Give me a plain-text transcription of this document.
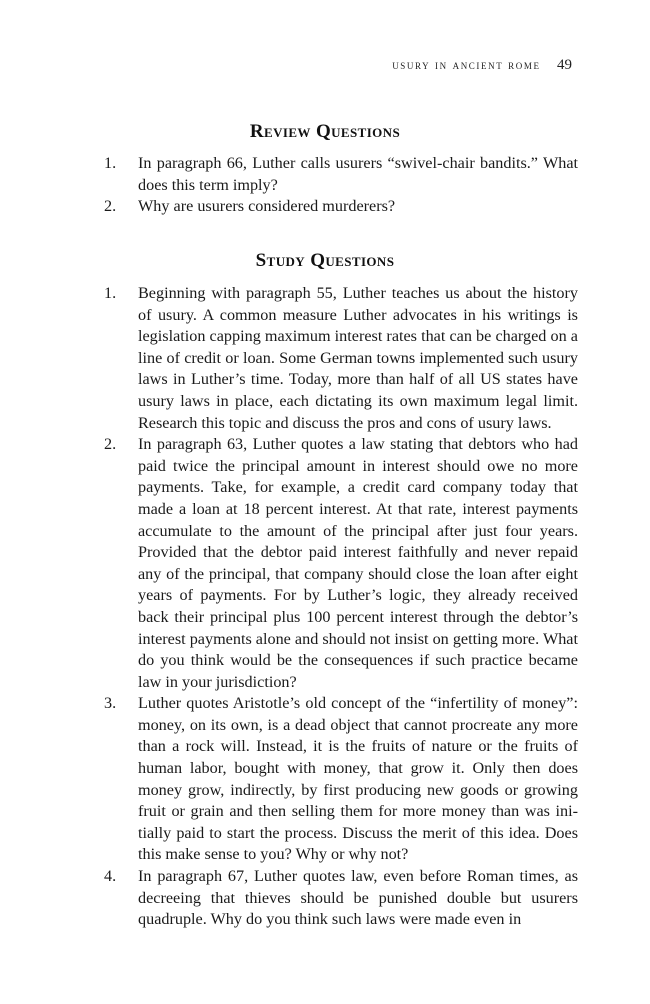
usury in ancient rome 49
Review Questions
1.	In paragraph 66, Luther calls usurers “swivel-chair bandits.” What does this term imply?
2.	Why are usurers considered murderers?
Study Questions
1.	Beginning with paragraph 55, Luther teaches us about the history of usury. A common measure Luther advocates in his writings is legislation capping maximum interest rates that can be charged on a line of credit or loan. Some German towns implemented such usury laws in Luther’s time. Today, more than half of all US states have usury laws in place, each dictating its own maximum legal limit. Research this topic and discuss the pros and cons of usury laws.
2.	In paragraph 63, Luther quotes a law stating that debtors who had paid twice the principal amount in interest should owe no more payments. Take, for example, a credit card company today that made a loan at 18 percent interest. At that rate, interest payments accumulate to the amount of the principal after just four years. Provided that the debtor paid interest faithfully and never repaid any of the principal, that company should close the loan after eight years of payments. For by Luther’s logic, they already received back their principal plus 100 percent interest through the debtor’s interest payments alone and should not insist on getting more. What do you think would be the consequences if such practice became law in your jurisdiction?
3.	Luther quotes Aristotle’s old concept of the “infertility of money”: money, on its own, is a dead object that cannot procreate any more than a rock will. Instead, it is the fruits of nature or the fruits of human labor, bought with money, that grow it. Only then does money grow, indirectly, by first producing new goods or growing fruit or grain and then selling them for more money than was initially paid to start the process. Discuss the merit of this idea. Does this make sense to you? Why or why not?
4.	In paragraph 67, Luther quotes law, even before Roman times, as decreeing that thieves should be punished double but usurers quadruple. Why do you think such laws were made even in
